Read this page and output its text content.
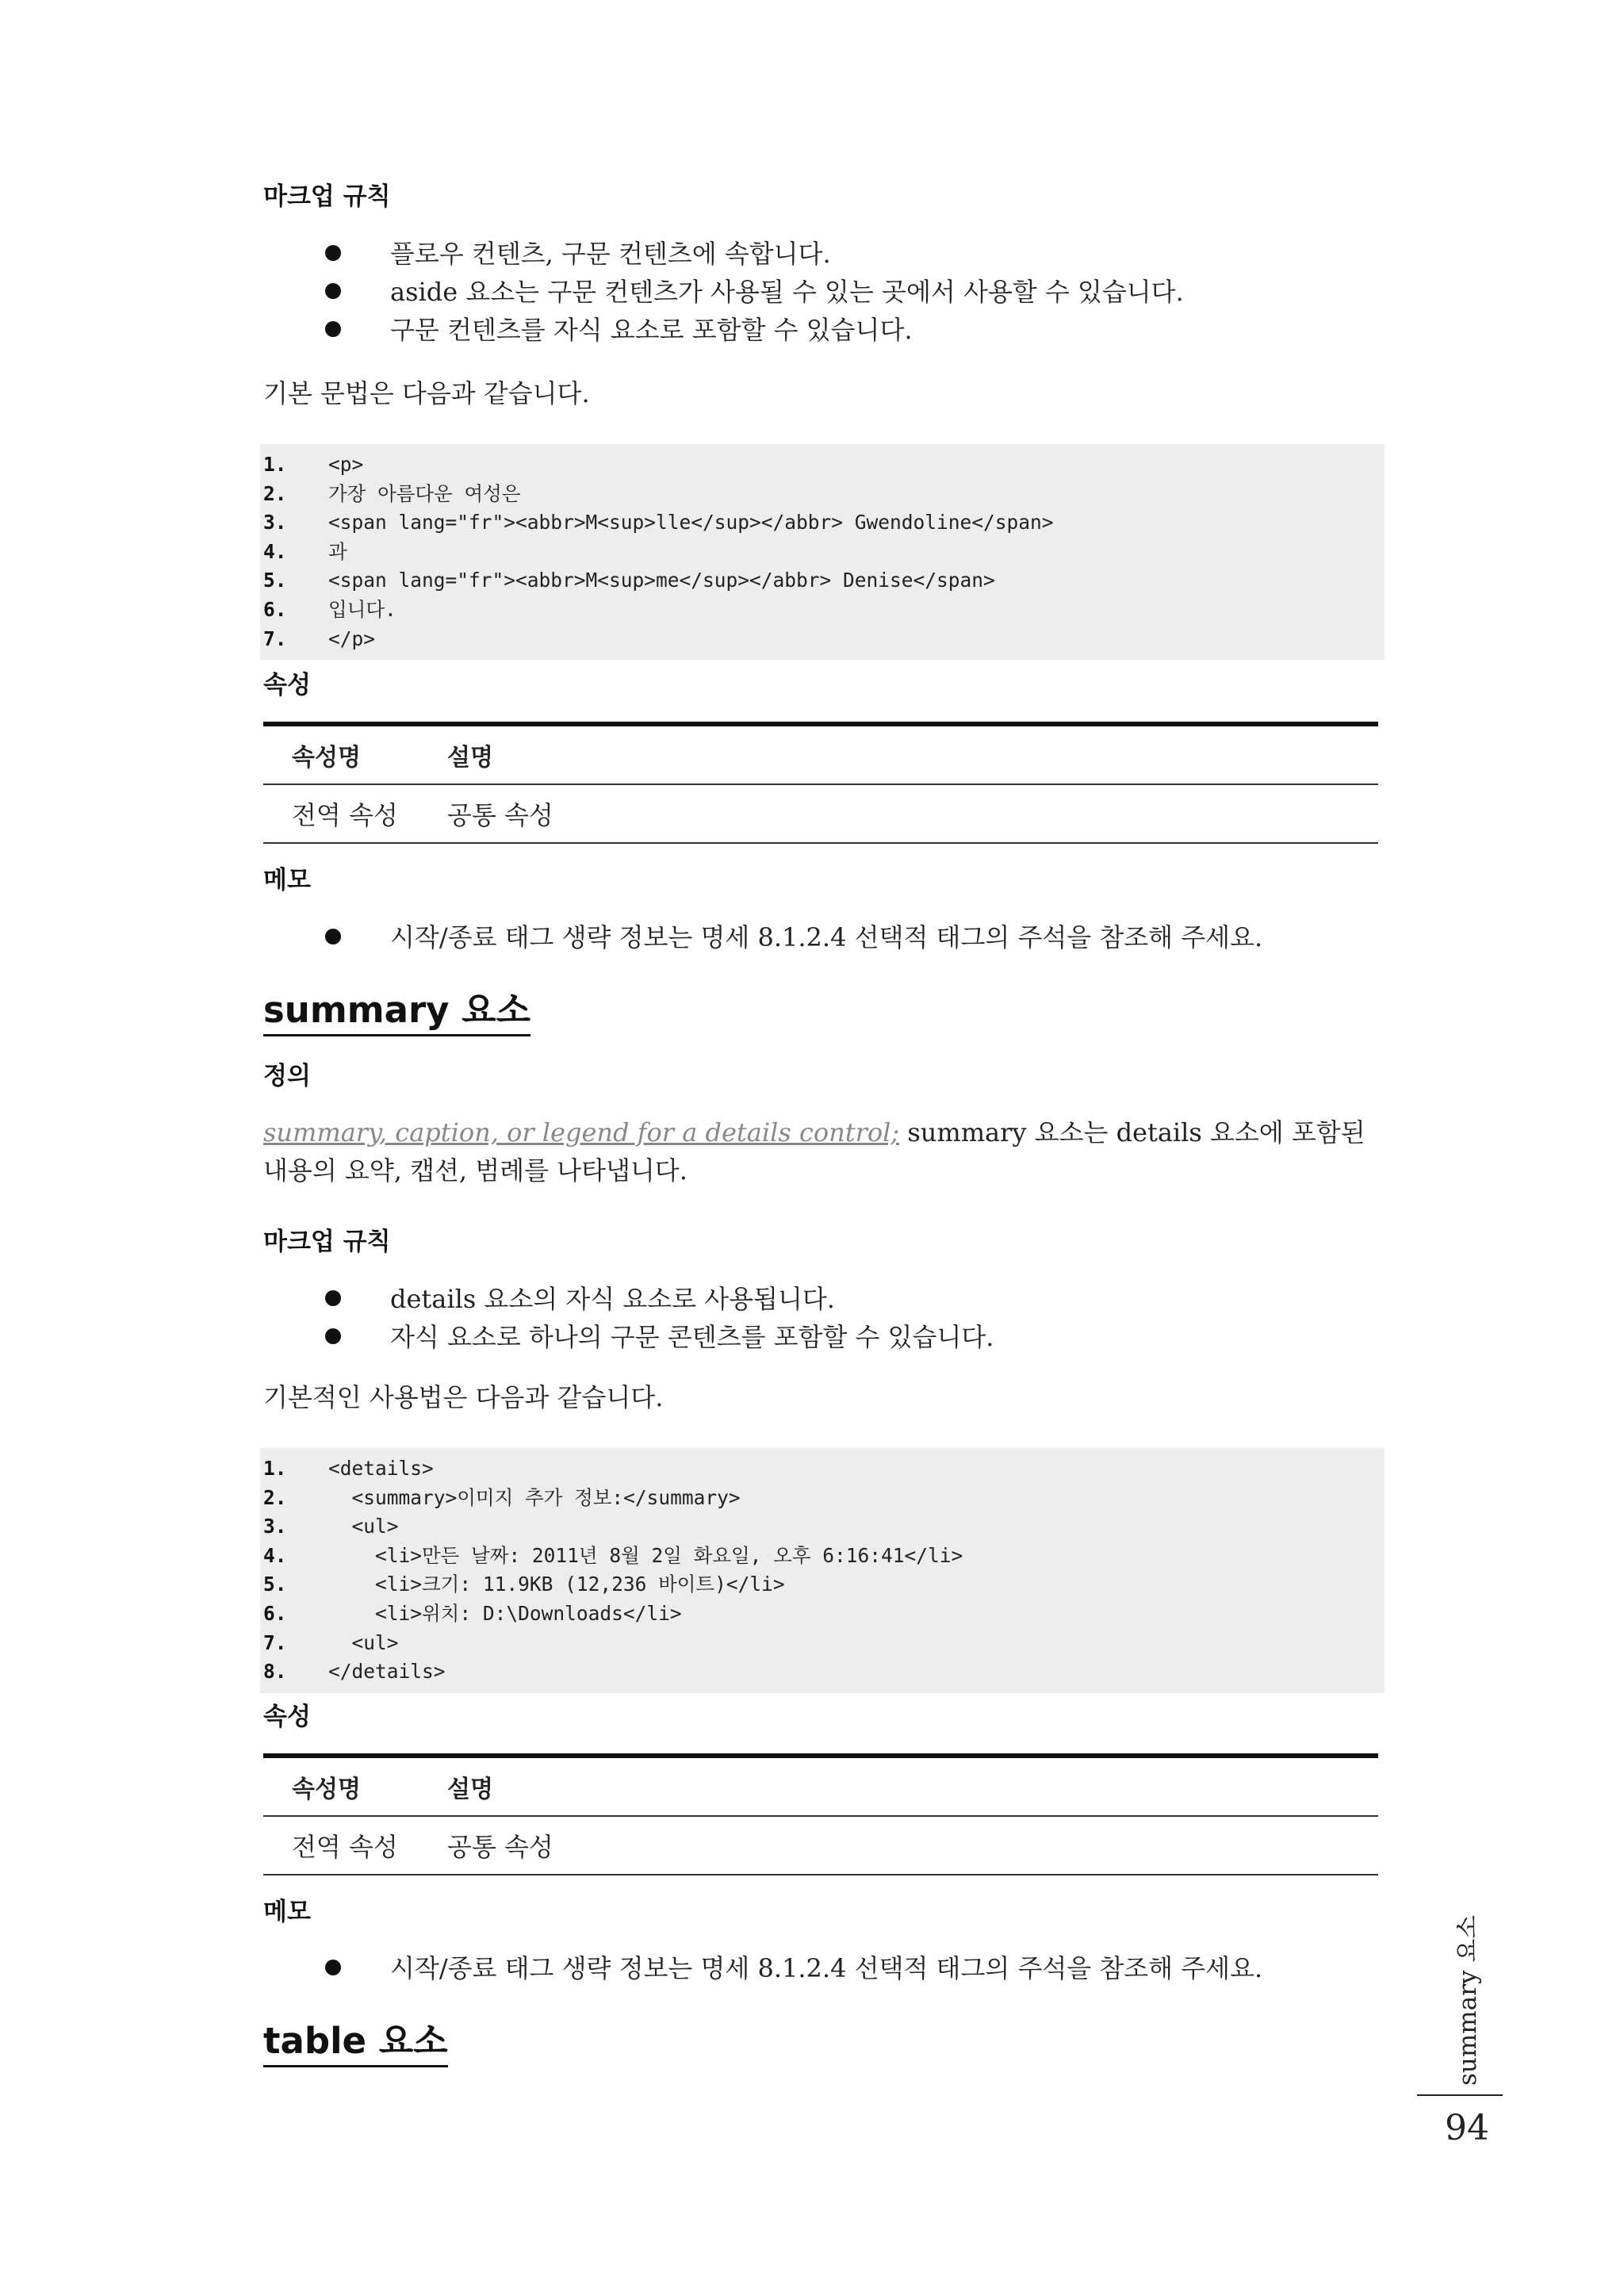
마크업 규칙
플로우 컨텐츠, 구문 컨텐츠에 속합니다.
aside 요소는 구문 컨텐츠가 사용될 수 있는 곳에서 사용할 수 있습니다.
구문 컨텐츠를 자식 요소로 포함할 수 있습니다.

기본 문법은 다음과 같습니다.

1.	<p>
2.	가장 아름다운 여성은
3.	<span lang="fr"><abbr>M<sup>lle</sup></abbr> Gwendoline</span>
4.	과
5.	<span lang="fr"><abbr>M<sup>me</sup></abbr> Denise</span>
6.	입니다.
7.	</p>
속성
속성명	설명
전역 속성	공통 속성
메모
시작/종료 태그 생략 정보는 명세 8.1.2.4 선택적 태그의 주석을 참조해 주세요.
summary 요소
정의

summary, caption, or legend for a details control; summary 요소는 details 요소에 포함된 내용의 요약, 캡션, 범례를 나타냅니다.

마크업 규칙
details 요소의 자식 요소로 사용됩니다.
자식 요소로 하나의 구문 콘텐츠를 포함할 수 있습니다.

기본적인 사용법은 다음과 같습니다.

1.	<details>
2.	<summary>이미지 추가 정보:</summary>
3.	<ul>
4.	<li>만든 날짜: 2011년 8월 2일 화요일, 오후 6:16:41</li>
5.	<li>크기: 11.9KB (12,236 바이트)</li>
6.	<li>위치: D:\Downloads</li>
7.	<ul>
8.	</details>
속성
속성명	설명
전역 속성	공통 속성
메모
시작/종료 태그 생략 정보는 명세 8.1.2.4 선택적 태그의 주석을 참조해 주세요.
table 요소	summary 요소
94
